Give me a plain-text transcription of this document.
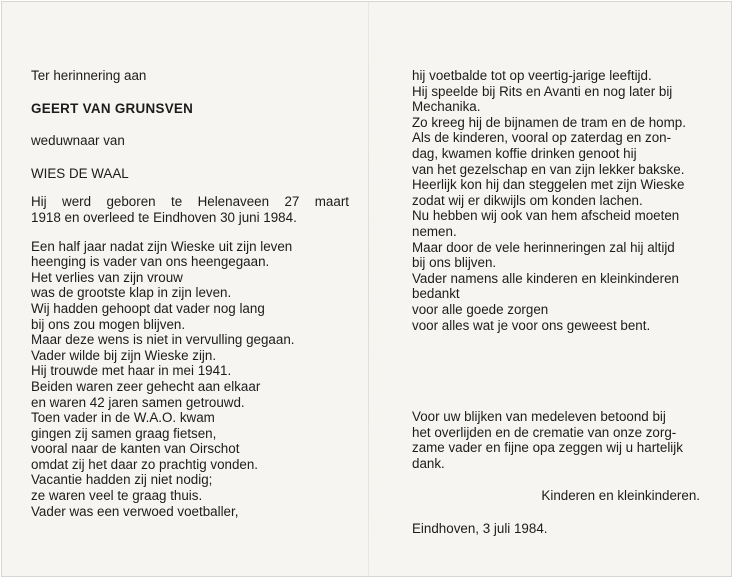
Ter herinnering aan
GEERT VAN GRUNSVEN
weduwnaar van
WIES DE WAAL
Hij werd geboren te Helenaveen 27 maart
1918 en overleed te Eindhoven 30 juni 1984.
Een half jaar nadat zijn Wieske uit zijn leven
heenging is vader van ons heengegaan.
Het verlies van zijn vrouw
was de grootste klap in zijn leven.
Wij hadden gehoopt dat vader nog lang
bij ons zou mogen blijven.
Maar deze wens is niet in vervulling gegaan.
Vader wilde bij zijn Wieske zijn.
Hij trouwde met haar in mei 1941.
Beiden waren zeer gehecht aan elkaar
en waren 42 jaren samen getrouwd.
Toen vader in de W.A.O. kwam
gingen zij samen graag fietsen,
vooral naar de kanten van Oirschot
omdat zij het daar zo prachtig vonden.
Vacantie hadden zij niet nodig;
ze waren veel te graag thuis.
Vader was een verwoed voetballer,
hij voetbalde tot op veertig-jarige leeftijd.
Hij speelde bij Rits en Avanti en nog later bij
Mechanika.
Zo kreeg hij de bijnamen de tram en de homp.
Als de kinderen, vooral op zaterdag en zon-
dag, kwamen koffie drinken genoot hij
van het gezelschap en van zijn lekker bakske.
Heerlijk kon hij dan steggelen met zijn Wieske
zodat wij er dikwijls om konden lachen.
Nu hebben wij ook van hem afscheid moeten
nemen.
Maar door de vele herinneringen zal hij altijd
bij ons blijven.
Vader namens alle kinderen en kleinkinderen
bedankt
voor alle goede zorgen
voor alles wat je voor ons geweest bent.
Voor uw blijken van medeleven betoond bij
het overlijden en de crematie van onze zorg-
zame vader en fijne opa zeggen wij u hartelijk
dank.
Kinderen en kleinkinderen.
Eindhoven, 3 juli 1984.
